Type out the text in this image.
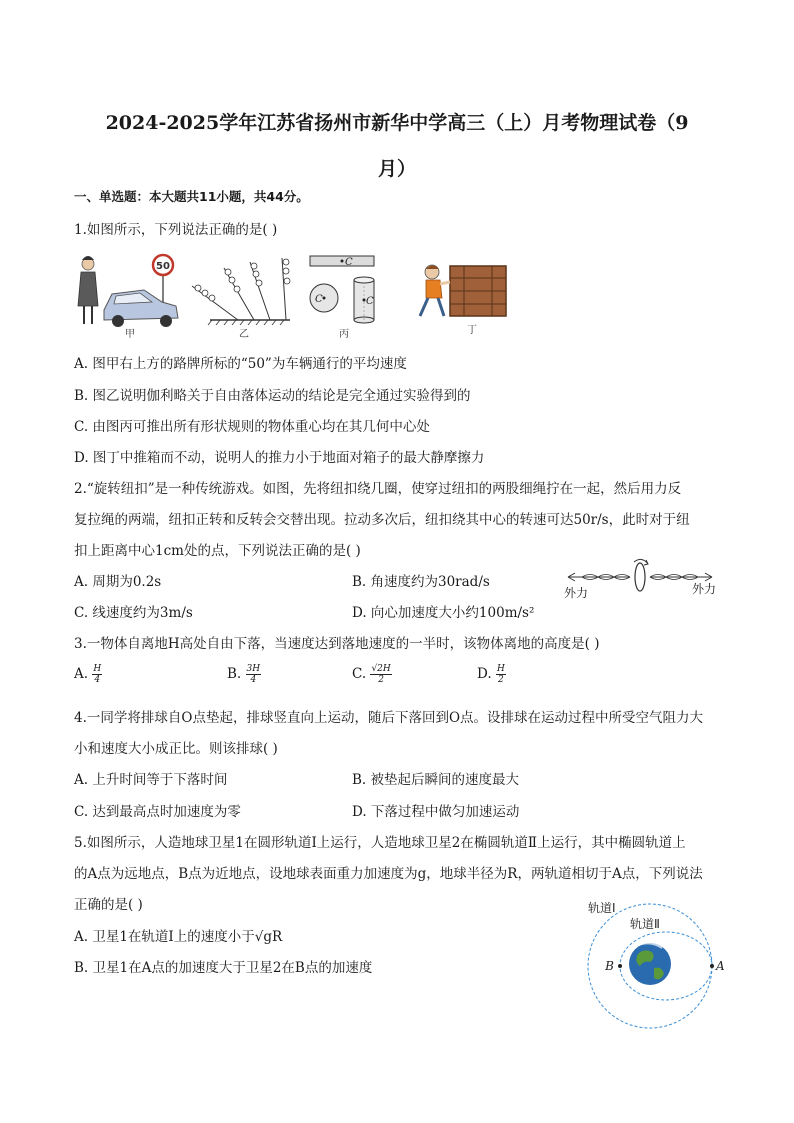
2024-2025学年江苏省扬州市新华中学高三（上）月考物理试卷（9
月）
一、单选题：本大题共11小题，共44分。
1.如图所示，下列说法正确的是( )
50
甲	乙
C
C	C
丙	丁
A. 图甲右上方的路牌所标的“50”为车辆通行的平均速度
B. 图乙说明伽利略关于自由落体运动的结论是完全通过实验得到的
C. 由图丙可推出所有形状规则的物体重心均在其几何中心处
D. 图丁中推箱而不动，说明人的推力小于地面对箱子的最大静摩擦力
2.“旋转纽扣”是一种传统游戏。如图，先将纽扣绕几圈，使穿过纽扣的两股细绳拧在一起，然后用力反
复拉绳的两端，纽扣正转和反转会交替出现。拉动多次后，纽扣绕其中心的转速可达50r/s，此时对于纽
扣上距离中心1cm处的点，下列说法正确的是( )
A. 周期为0.2s	B. 角速度约为30rad/s
C. 线速度约为3m/s	D. 向心加速度大小约100m/s²
外力	外力
3.一物体自离地H高处自由下落，当速度达到落地速度的一半时，该物体离地的高度是( )
A. $\frac{H}{4}$	B. $\frac{3H}{4}$	C. $\frac{√2H}{2}$	D. $\frac{H}{2}$
4.一同学将排球自O点垫起，排球竖直向上运动，随后下落回到O点。设排球在运动过程中所受空气阻力大
小和速度大小成正比。则该排球( )
A. 上升时间等于下落时间	B. 被垫起后瞬间的速度最大
C. 达到最高点时加速度为零	D. 下落过程中做匀加速运动
5.如图所示，人造地球卫星1在圆形轨道Ⅰ上运行，人造地球卫星2在椭圆轨道Ⅱ上运行，其中椭圆轨道上
的A点为远地点，B点为近地点，设地球表面重力加速度为g，地球半径为R，两轨道相切于A点，下列说法
正确的是( )
A. 卫星1在轨道Ⅰ上的速度小于√gR
B. 卫星1在A点的加速度大于卫星2在B点的加速度	A
B
轨道Ⅰ
轨道Ⅱ
